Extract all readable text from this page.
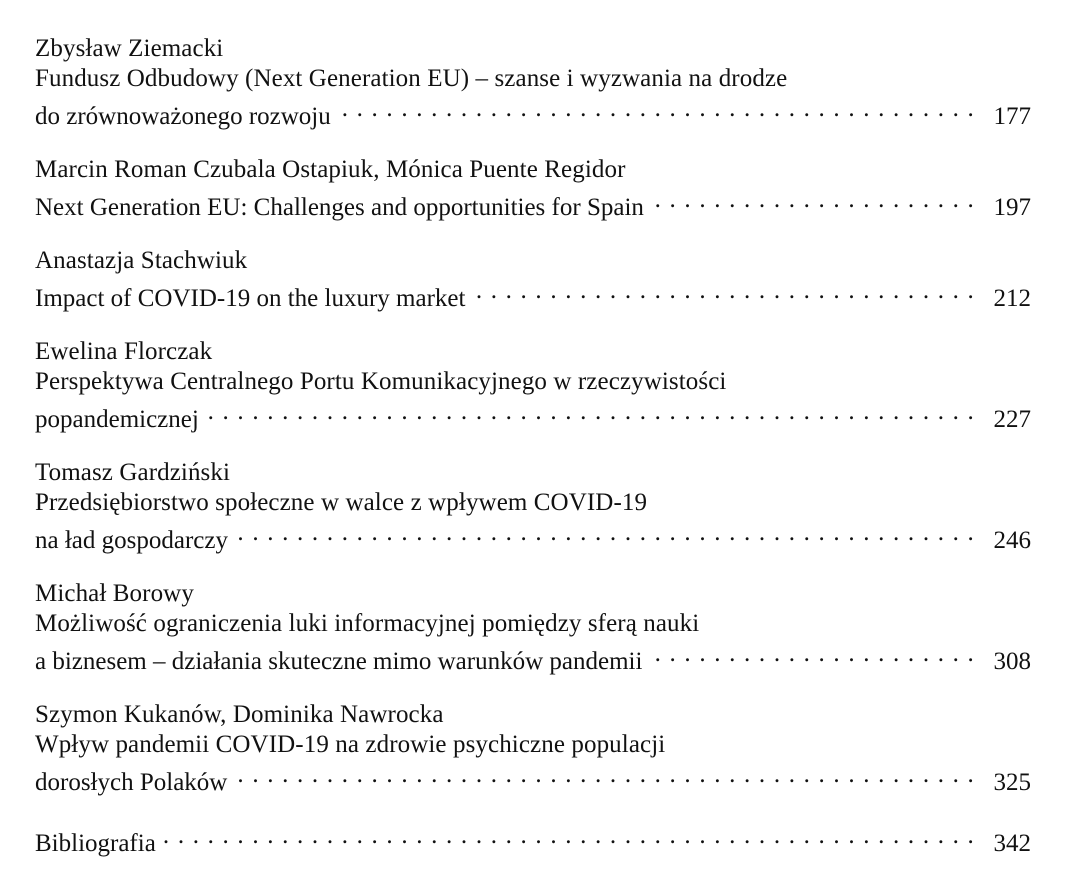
Zbysław Ziemacki
Fundusz Odbudowy (Next Generation EU) – szanse i wyzwania na drodze
do zrównoważonego rozwoju . . .	177
Marcin Roman Czubala Ostapiuk, Mónica Puente Regidor
Next Generation EU: Challenges and opportunities for Spain . . .	197
Anastazja Stachwiuk
Impact of COVID-19 on the luxury market . . .	212
Ewelina Florczak
Perspektywa Centralnego Portu Komunikacyjnego w rzeczywistości
popandemicznej . . .	227
Tomasz Gardziński
Przedsiębiorstwo społeczne w walce z wpływem COVID-19
na ład gospodarczy . . .	246
Michał Borowy
Możliwość ograniczenia luki informacyjnej pomiędzy sferą nauki
a biznesem – działania skuteczne mimo warunków pandemii . . .	308
Szymon Kukanów, Dominika Nawrocka
Wpływ pandemii COVID-19 na zdrowie psychiczne populacji
dorosłych Polaków . . .	325
Bibliografia . . .	342
